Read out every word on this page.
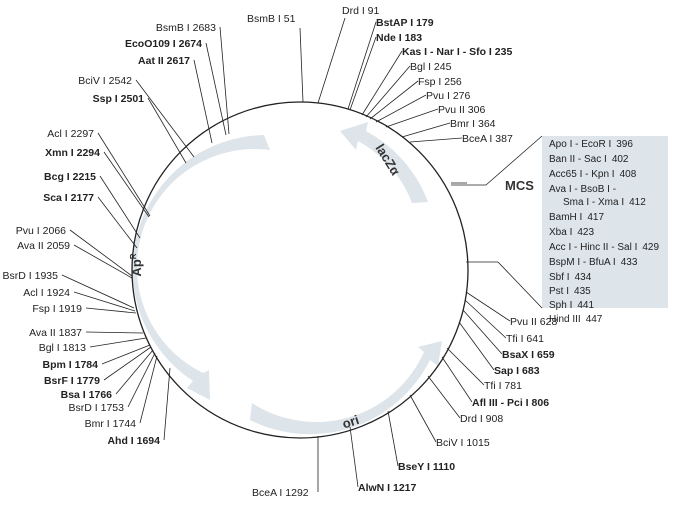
lacZα
$Ap^R$
ori
MCS
Apo I - EcoR I 396
Ban II - Sac I 402
Acc65 I - Kpn I 408
Ava I - BsoB I -
Sma I - Xma I 412
BamH I 417
Xba I 423
Acc I - Hinc II - Sal I 429
BspM I - BfuA I 433
Sbf I 434
Pst I 435
Sph I 441
Hind III 447
BsmB I 51
Drd I 91
BstAP I 179
Nde I 183
Kas I - Nar I - Sfo I 235
Bgl I 245
Fsp I 256
Pvu I 276
Pvu II 306
Bmr I 364
BceA I 387
Pvu II 628
Tfi I 641
BsaX I 659
Sap I 683
Tfi I 781
Afl III - Pci I 806
Drd I 908
BciV I 1015
BseY I 1110
AlwN I 1217
BceA I 1292
Ahd I 1694
Bmr I 1744
BsrD I 1753
Bsa I 1766
BsrF I 1779
Bpm I 1784
Bgl I 1813
Ava II 1837
Fsp I 1919
Acl I 1924
BsrD I 1935
Ava II 2059
Pvu I 2066
Sca I 2177
Bcg I 2215
Xmn I 2294
Acl I 2297
Ssp I 2501
BciV I 2542
Aat II 2617
EcoO109 I 2674
BsmB I 2683
